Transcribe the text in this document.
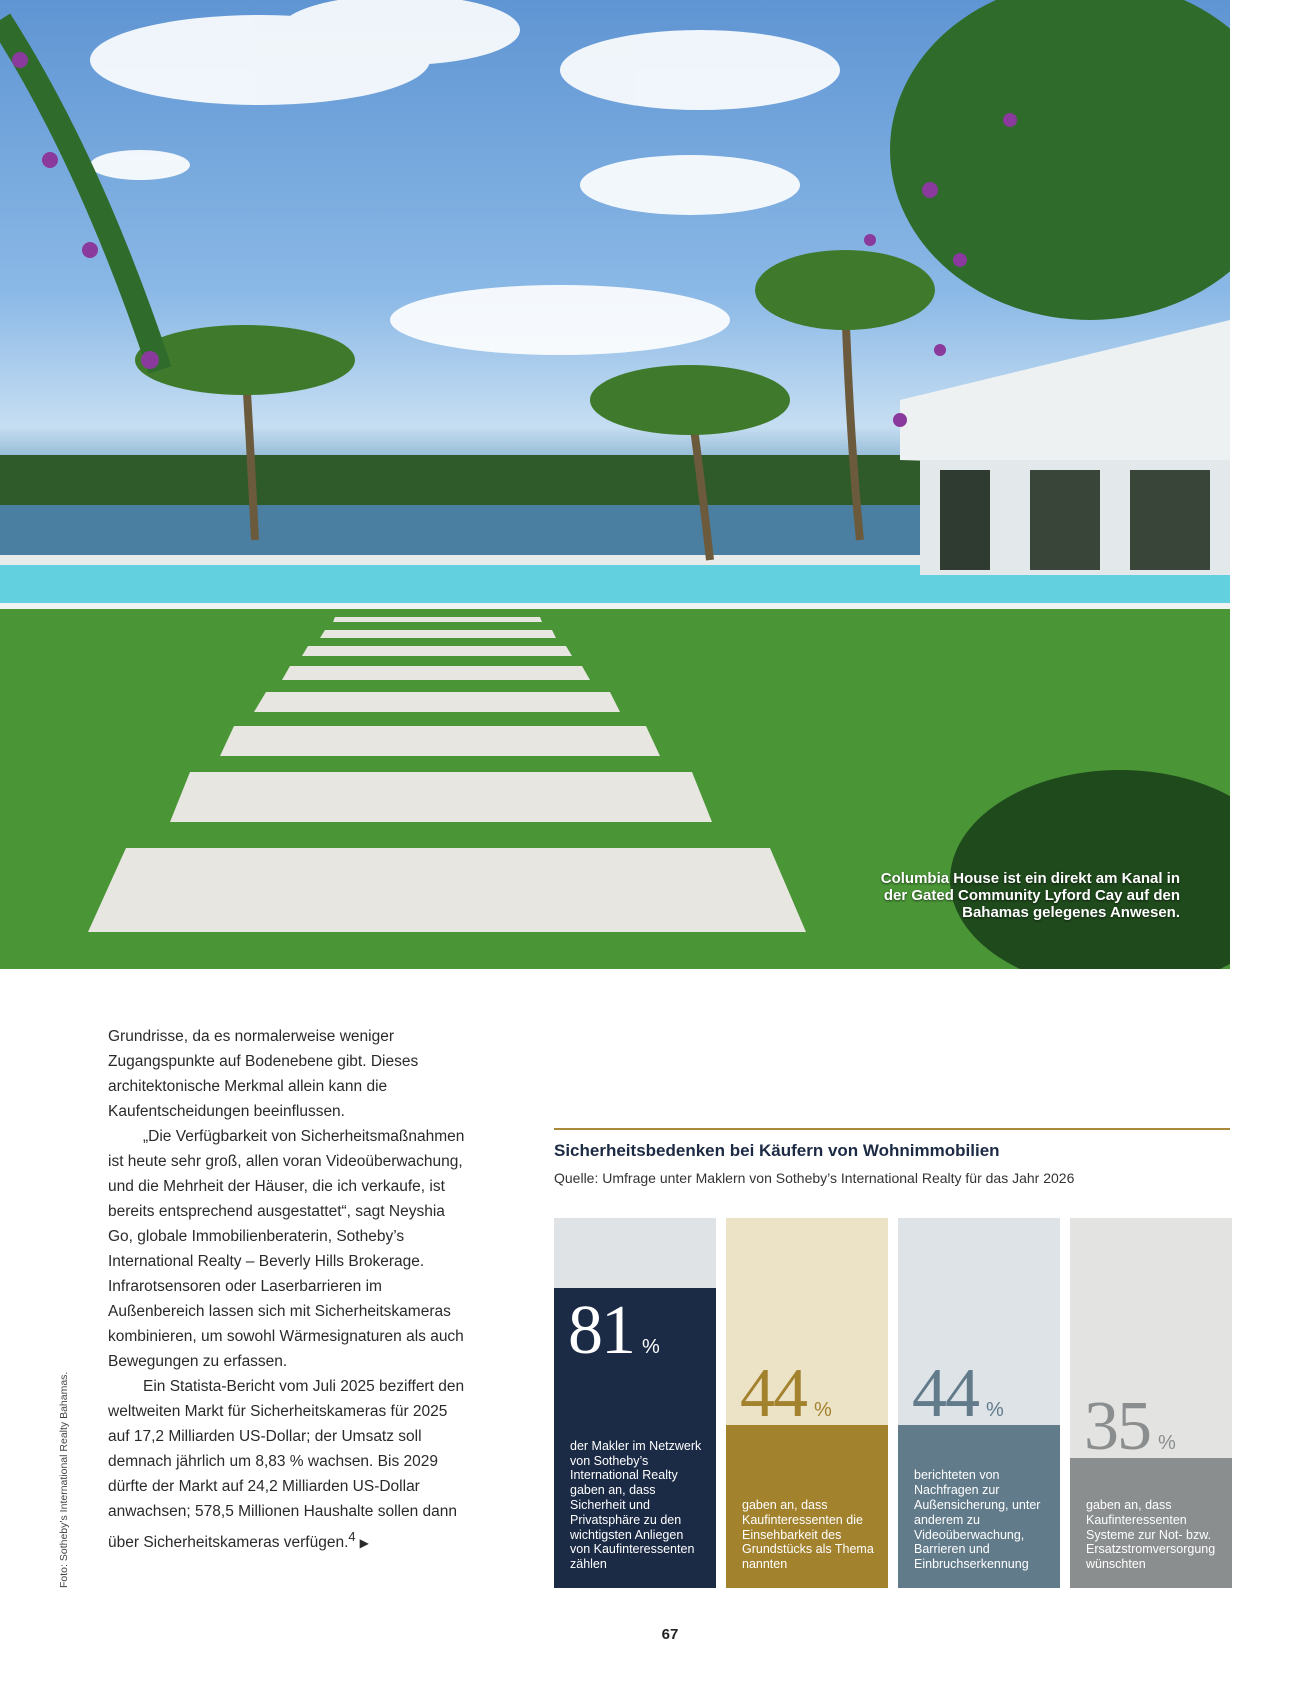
Columbia House ist ein direkt am Kanal in der Gated Community Lyford Cay auf den Bahamas gelegenes Anwesen.
Foto: Sotheby’s International Realty Bahamas.

Grundrisse, da es normalerweise weniger Zugangspunkte auf Bodenebene gibt. Dieses architektonische Merkmal allein kann die Kaufentscheidungen beeinflussen.

„Die Verfügbarkeit von Sicherheitsmaßnahmen ist heute sehr groß, allen voran Videoüberwachung, und die Mehrheit der Häuser, die ich verkaufe, ist bereits entsprechend ausgestattet“, sagt Neyshia Go, globale Immobilienberaterin, Sotheby’s International Realty – Beverly Hills Brokerage. Infrarotsensoren oder Laserbarrieren im Außenbereich lassen sich mit Sicherheitskameras kombinieren, um sowohl Wärmesignaturen als auch Bewegungen zu erfassen.

Ein Statista-Bericht vom Juli 2025 beziffert den weltweiten Markt für Sicherheitskameras für 2025 auf 17,2 Milliarden US-Dollar; der Umsatz soll demnach jährlich um 8,83 % wachsen. Bis 2029 dürfte der Markt auf 24,2 Milliarden US-Dollar anwachsen; 578,5 Millionen Haushalte sollen dann über Sicherheitskameras verfügen.$^4$ ▶

Sicherheitsbedenken bei Käufern von Wohnimmobilien
Quelle: Umfrage unter Maklern von Sotheby’s International Realty für das Jahr 2026
81 %
der Makler im Netzwerk von Sotheby’s International Realty gaben an, dass Sicherheit und Privatsphäre zu den wichtigsten Anliegen von Kaufinteressenten zählen
44 %
gaben an, dass Kaufinteressenten die Einsehbarkeit des Grundstücks als Thema nannten
44 %
berichteten von Nachfragen zur Außensicherung, unter anderem zu Videoüberwachung, Barrieren und Einbruchserkennung
35 %
gaben an, dass Kaufinteressenten Systeme zur Not- bzw. Ersatzstromversorgung wünschten
67
